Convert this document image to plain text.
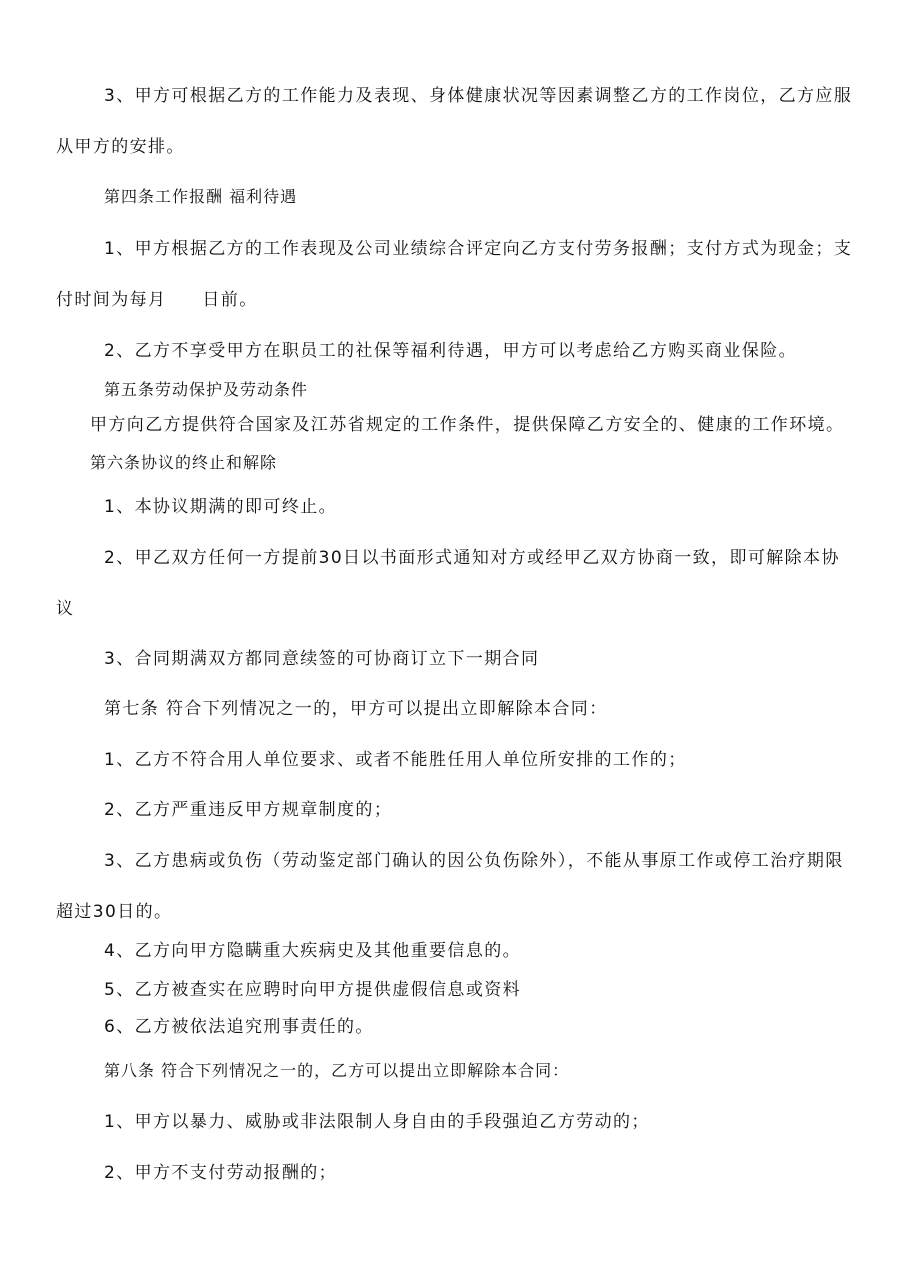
3、甲方可根据乙方的工作能力及表现、身体健康状况等因素调整乙方的工作岗位，乙方应服
从甲方的安排。
第四条工作报酬 福利待遇
1、甲方根据乙方的工作表现及公司业绩综合评定向乙方支付劳务报酬；支付方式为现金；支
付时间为每月 日前。
2、乙方不享受甲方在职员工的社保等福利待遇，甲方可以考虑给乙方购买商业保险。
第五条劳动保护及劳动条件
甲方向乙方提供符合国家及江苏省规定的工作条件，提供保障乙方安全的、健康的工作环境。
第六条协议的终止和解除
1、本协议期满的即可终止。
2、甲乙双方任何一方提前30日以书面形式通知对方或经甲乙双方协商一致，即可解除本协
议
3、合同期满双方都同意续签的可协商订立下一期合同
第七条 符合下列情况之一的，甲方可以提出立即解除本合同：
1、乙方不符合用人单位要求、或者不能胜任用人单位所安排的工作的；
2、乙方严重违反甲方规章制度的；
3、乙方患病或负伤（劳动鉴定部门确认的因公负伤除外），不能从事原工作或停工治疗期限
超过30日的。
4、乙方向甲方隐瞒重大疾病史及其他重要信息的。
5、乙方被查实在应聘时向甲方提供虚假信息或资料
6、乙方被依法追究刑事责任的。
第八条 符合下列情况之一的，乙方可以提出立即解除本合同：
1、甲方以暴力、威胁或非法限制人身自由的手段强迫乙方劳动的；
2、甲方不支付劳动报酬的；
